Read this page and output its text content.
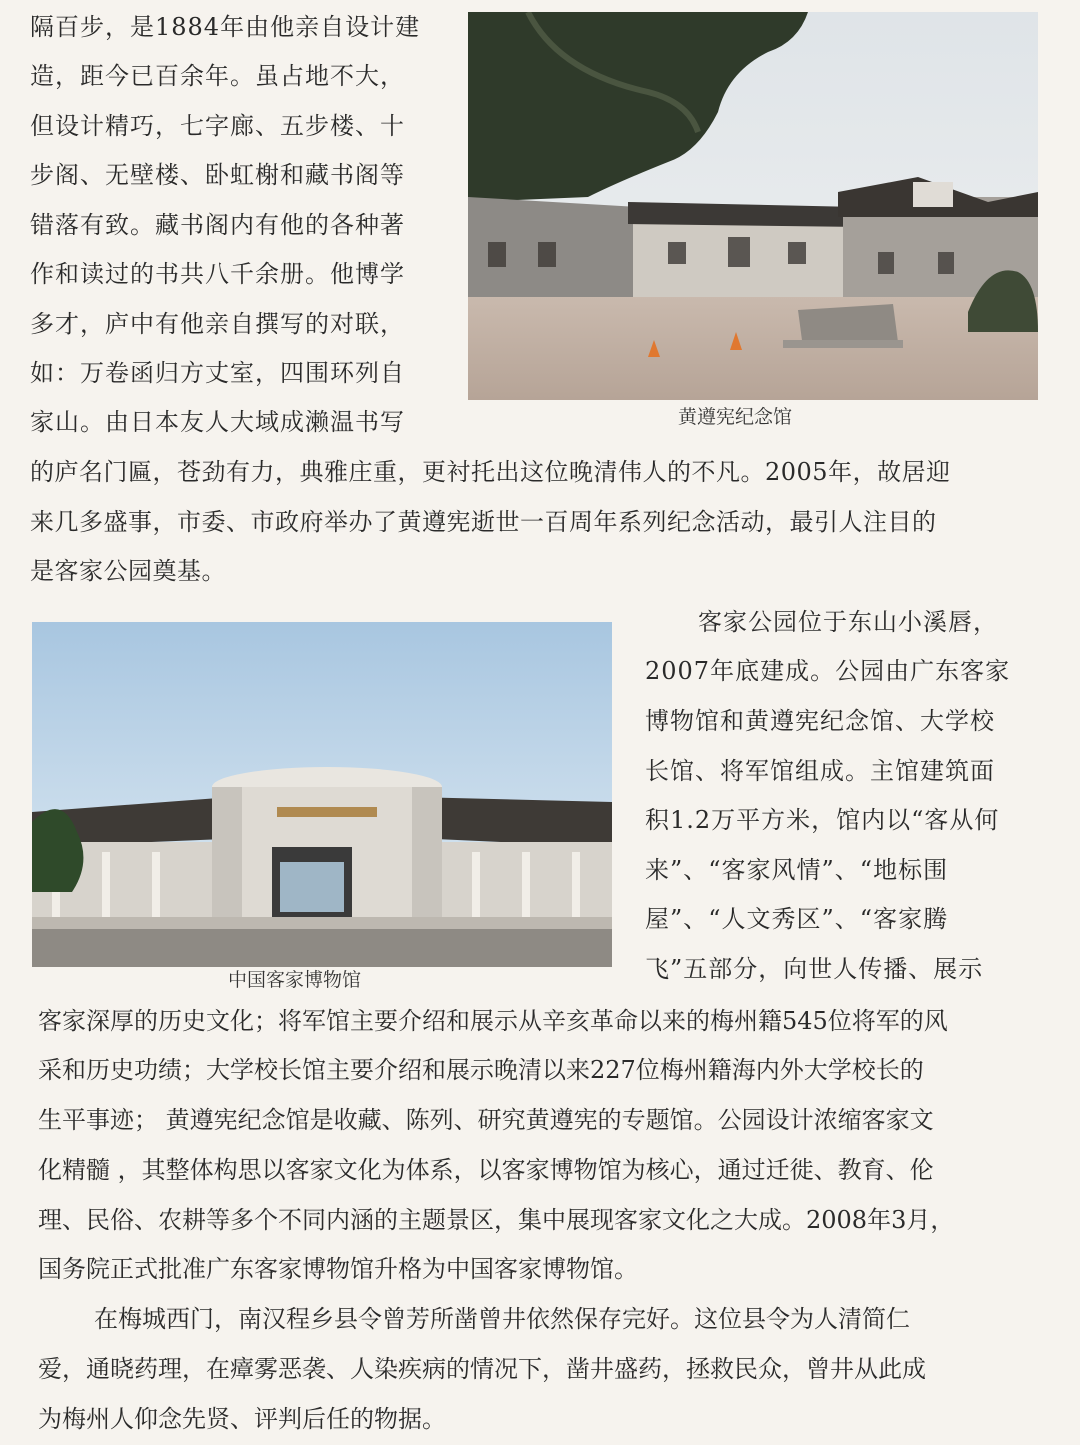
隔百步，是1884年由他亲自设计建
造，距今已百余年。虽占地不大，
但设计精巧，七字廊、五步楼、十
步阁、无壁楼、卧虹榭和藏书阁等
错落有致。藏书阁内有他的各种著
作和读过的书共八千余册。他博学
多才，庐中有他亲自撰写的对联，
如：万卷函归方丈室，四围环列自
家山。由日本友人大域成濑温书写	黄遵宪纪念馆
的庐名门匾，苍劲有力，典雅庄重，更衬托出这位晚清伟人的不凡。2005年，故居迎
来几多盛事，市委、市政府举办了黄遵宪逝世一百周年系列纪念活动，最引人注目的
是客家公园奠基。
中国客家博物馆
客家公园位于东山小溪唇，
2007年底建成。公园由广东客家
博物馆和黄遵宪纪念馆、大学校
长馆、将军馆组成。主馆建筑面
积1.2万平方米，馆内以“客从何
来”、“客家风情”、“地标围
屋”、“人文秀区”、“客家腾
飞”五部分，向世人传播、展示
客家深厚的历史文化；将军馆主要介绍和展示从辛亥革命以来的梅州籍545位将军的风
采和历史功绩；大学校长馆主要介绍和展示晚清以来227位梅州籍海内外大学校长的
生平事迹； 黄遵宪纪念馆是收藏、陈列、研究黄遵宪的专题馆。公园设计浓缩客家文
化精髓 ，其整体构思以客家文化为体系，以客家博物馆为核心，通过迁徙、教育、伦
理、民俗、农耕等多个不同内涵的主题景区，集中展现客家文化之大成。2008年3月，
国务院正式批准广东客家博物馆升格为中国客家博物馆。
在梅城西门，南汉程乡县令曾芳所凿曾井依然保存完好。这位县令为人清简仁
爱，通晓药理，在瘴雾恶袭、人染疾病的情况下，凿井盛药，拯救民众，曾井从此成
为梅州人仰念先贤、评判后任的物据。
